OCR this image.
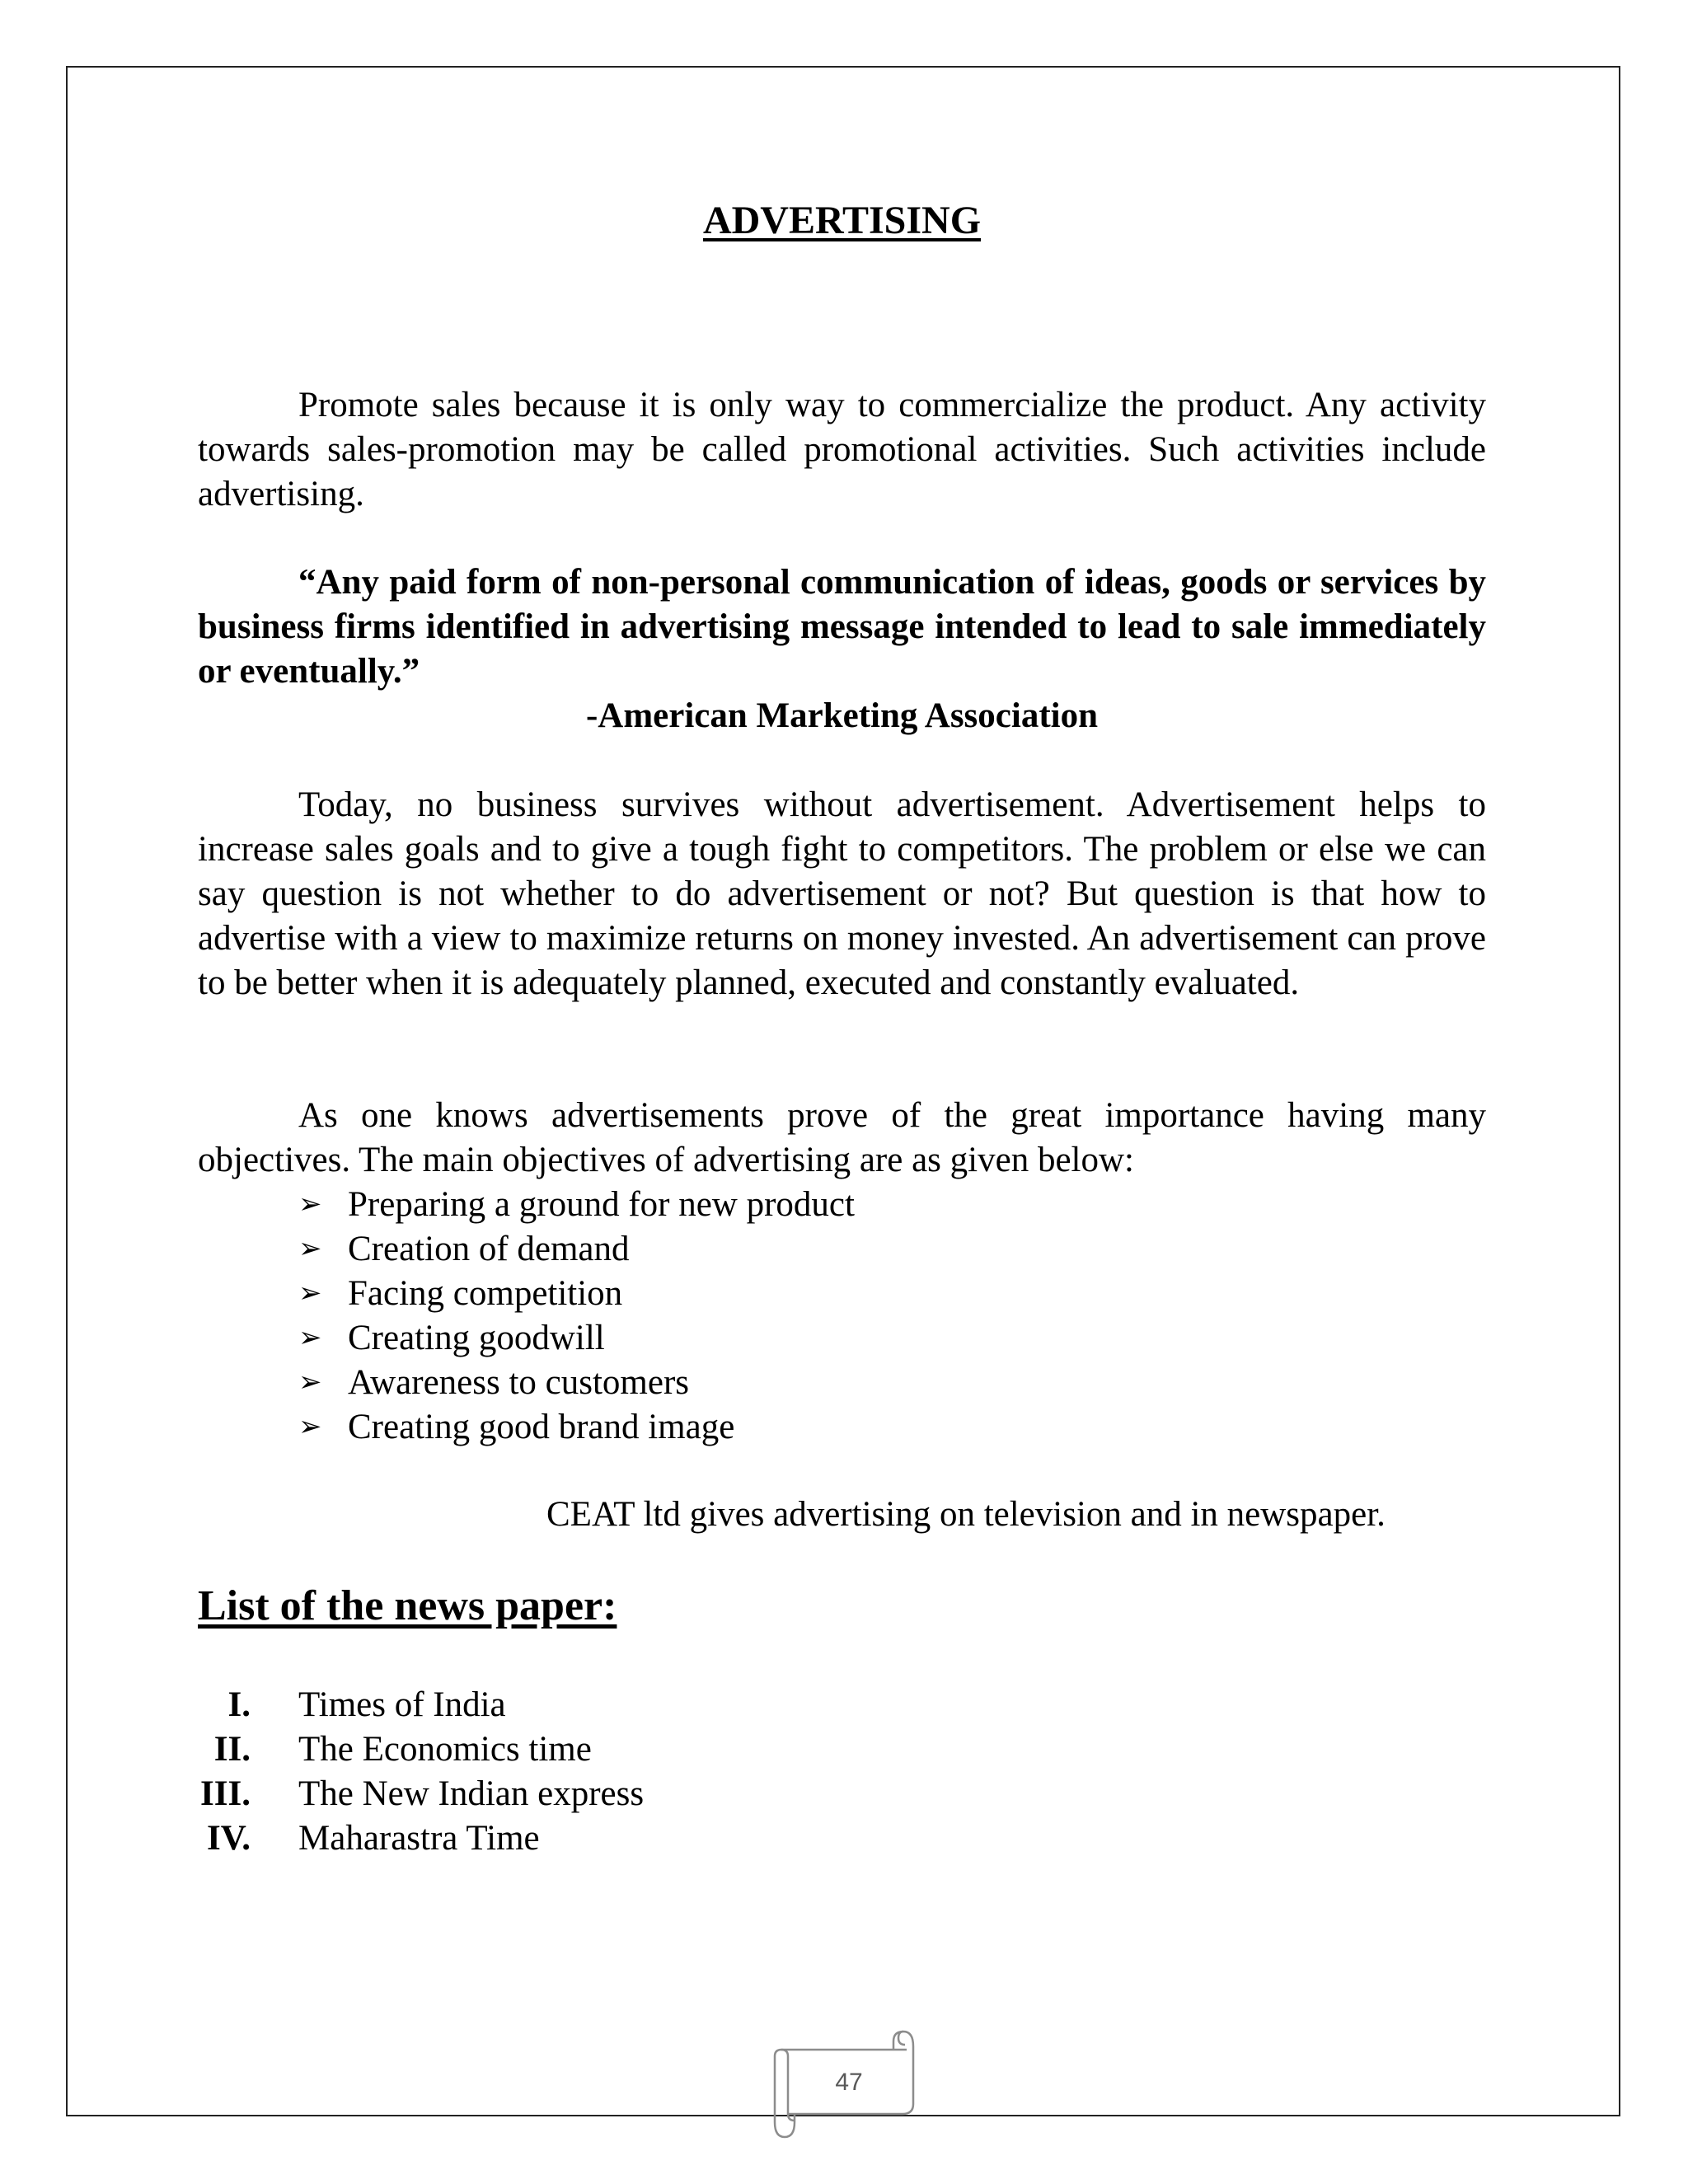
ADVERTISING

Promote sales because it is only way to commercialize the product. Any activity towards sales-promotion may be called promotional activities. Such activities include advertising.

“Any paid form of non-personal communication of ideas, goods or services by business firms identified in advertising message intended to lead to sale immediately or eventually.”

-American Marketing Association

Today, no business survives without advertisement. Advertisement helps to increase sales goals and to give a tough fight to competitors. The problem or else we can say question is not whether to do advertisement or not? But question is that how to advertise with a view to maximize returns on money invested. An advertisement can prove to be better when it is adequately planned, executed and constantly evaluated.

As one knows advertisements prove of the great importance having many objectives. The main objectives of advertising are as given below:

➢ Preparing a ground for new product
➢ Creation of demand
➢ Facing competition
➢ Creating goodwill
➢ Awareness to customers
➢ Creating good brand image
CEAT ltd gives advertising on television and in newspaper.
List of the news paper:
I. Times of India
II. The Economics time
III. The New Indian express
IV. Maharastra Time
47
